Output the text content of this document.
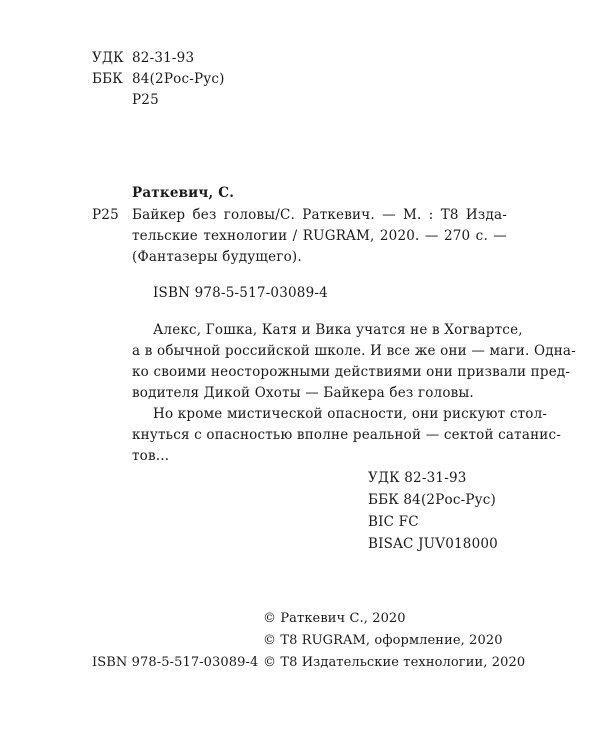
УДК 82-31-93
ББК 84(2Рос-Рус)
Р25
Раткевич, С.
Р25 Байкер без головы/С. Раткевич. — М. : Т8 Изда-
тельские технологии / RUGRAM, 2020. — 270 с. —
(Фантазеры будущего).
ISBN 978-5-517-03089-4
Алекс, Гошка, Катя и Вика учатся не в Хогвартсе,
а в обычной российской школе. И все же они — маги. Одна-
ко своими неосторожными действиями они призвали пред-
водителя Дикой Охоты — Байкера без головы.
Но кроме мистической опасности, они рискуют стол-
кнуться с опасностью вполне реальной — сектой сатанис-
тов...
УДК 82-31-93
ББК 84(2Рос-Рус)
BIC FC
BISAC JUV018000
© Раткевич С., 2020
© Т8 RUGRAM, оформление, 2020
© Т8 Издательские технологии, 2020
ISBN 978-5-517-03089-4
